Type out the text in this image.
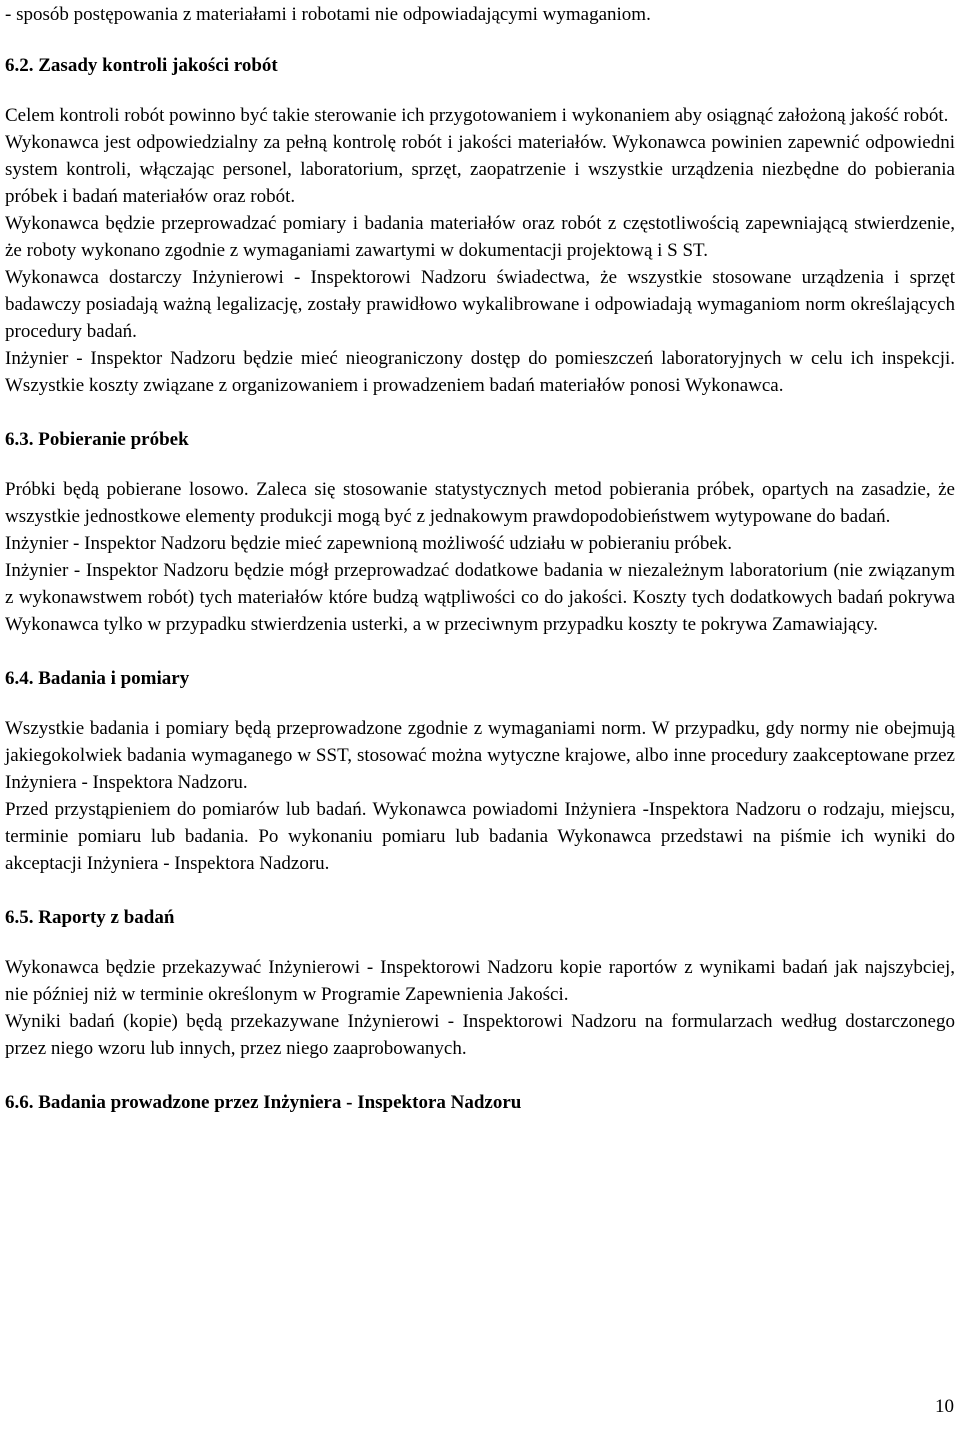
- sposób postępowania z materiałami i robotami nie odpowiadającymi wymaganiom.

6.2. Zasady kontroli jakości robót

Celem kontroli robót powinno być takie sterowanie ich przygotowaniem i wykonaniem aby osiągnąć założoną jakość robót.

Wykonawca jest odpowiedzialny za pełną kontrolę robót i jakości materiałów. Wykonawca powinien zapewnić odpowiedni system kontroli, włączając personel, laboratorium, sprzęt, zaopatrzenie i wszystkie urządzenia niezbędne do pobierania próbek i badań materiałów oraz robót.

Wykonawca będzie przeprowadzać pomiary i badania materiałów oraz robót z częstotliwością zapewniającą stwierdzenie, że roboty wykonano zgodnie z wymaganiami zawartymi w dokumentacji projektową i S ST.

Wykonawca dostarczy Inżynierowi - Inspektorowi Nadzoru świadectwa, że wszystkie stosowane urządzenia i sprzęt badawczy posiadają ważną legalizację, zostały prawidłowo wykalibrowane i odpowiadają wymaganiom norm określających procedury badań.

Inżynier - Inspektor Nadzoru będzie mieć nieograniczony dostęp do pomieszczeń laboratoryjnych w celu ich inspekcji. Wszystkie koszty związane z organizowaniem i prowadzeniem badań materiałów ponosi Wykonawca.

6.3. Pobieranie próbek

Próbki będą pobierane losowo. Zaleca się stosowanie statystycznych metod pobierania próbek, opartych na zasadzie, że wszystkie jednostkowe elementy produkcji mogą być z jednakowym prawdopodobieństwem wytypowane do badań.

Inżynier - Inspektor Nadzoru będzie mieć zapewnioną możliwość udziału w pobieraniu próbek.

Inżynier - Inspektor Nadzoru będzie mógł przeprowadzać dodatkowe badania w niezależnym laboratorium (nie związanym z wykonawstwem robót) tych materiałów które budzą wątpliwości co do jakości. Koszty tych dodatkowych badań pokrywa Wykonawca tylko w przypadku stwierdzenia usterki, a w przeciwnym przypadku koszty te pokrywa Zamawiający.

6.4. Badania i pomiary

Wszystkie badania i pomiary będą przeprowadzone zgodnie z wymaganiami norm. W przypadku, gdy normy nie obejmują jakiegokolwiek badania wymaganego w SST, stosować można wytyczne krajowe, albo inne procedury zaakceptowane przez Inżyniera - Inspektora Nadzoru.

Przed przystąpieniem do pomiarów lub badań. Wykonawca powiadomi Inżyniera -Inspektora Nadzoru o rodzaju, miejscu, terminie pomiaru lub badania. Po wykonaniu pomiaru lub badania Wykonawca przedstawi na piśmie ich wyniki do akceptacji Inżyniera - Inspektora Nadzoru.

6.5. Raporty z badań

Wykonawca będzie przekazywać Inżynierowi - Inspektorowi Nadzoru kopie raportów z wynikami badań jak najszybciej, nie później niż w terminie określonym w Programie Zapewnienia Jakości.

Wyniki badań (kopie) będą przekazywane Inżynierowi - Inspektorowi Nadzoru na formularzach według dostarczonego przez niego wzoru lub innych, przez niego zaaprobowanych.

6.6. Badania prowadzone przez Inżyniera - Inspektora Nadzoru

10
